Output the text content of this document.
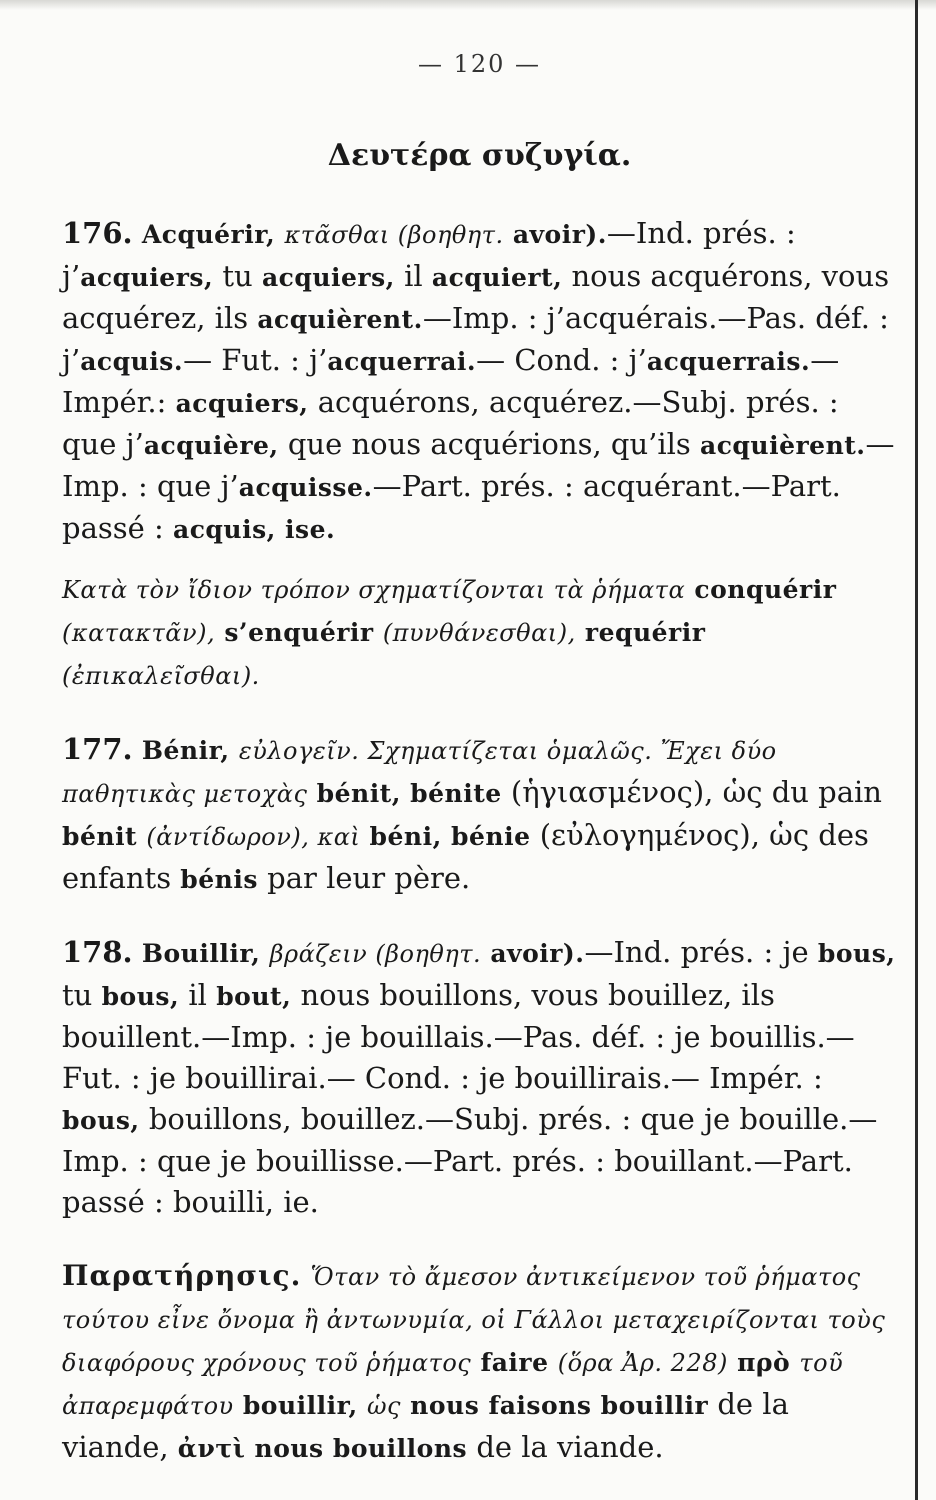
— 120 —
Δευτέρα συζυγία.

176. Acquérir, κτᾶσθαι (βοηθητ. avoir).—Ind. prés. : j’acquiers, tu acquiers, il acquiert, nous acquérons, vous acquérez, ils acquièrent.—Imp. : j’acquérais.—Pas. déf. : j’acquis.— Fut. : j’acquerrai.— Cond. : j’acquerrais.—Impér.: acquiers, acquérons, acquérez.—Subj. prés. : que j’acquière, que nous acquérions, qu’ils acquièrent.—Imp. : que j’acquisse.—Part. prés. : acquérant.—Part. passé : acquis, ise.

Κατὰ τὸν ἴδιον τρόπον σχηματίζονται τὰ ῥήματα conquérir (κατακτᾶν), s’enquérir (πυνθάνεσθαι), requérir (ἐπικαλεῖσθαι).

177. Bénir, εὐλογεῖν. Σχηματίζεται ὁμαλῶς. Ἔχει δύο παθητικὰς μετοχὰς bénit, bénite (ἡγιασμένος), ὡς du pain bénit (ἀντίδωρον), καὶ béni, bénie (εὐλογημένος), ὡς des enfants bénis par leur père.

178. Bouillir, βράζειν (βοηθητ. avoir).—Ind. prés. : je bous, tu bous, il bout, nous bouillons, vous bouillez, ils bouillent.—Imp. : je bouillais.—Pas. déf. : je bouillis.—Fut. : je bouillirai.— Cond. : je bouillirais.— Impér. : bous, bouillons, bouillez.—Subj. prés. : que je bouille.—Imp. : que je bouillisse.—Part. prés. : bouillant.—Part. passé : bouilli, ie.

Παρατήρησις. Ὅταν τὸ ἄμεσον ἀντικείμενον τοῦ ῥήματος τούτου εἶνε ὄνομα ἢ ἀντωνυμία, οἱ Γάλλοι μεταχειρίζονται τοὺς διαφόρους χρόνους τοῦ ῥήματος faire (ὅρα Ἀρ. 228) πρὸ τοῦ ἀπαρεμφάτου bouillir, ὡς nous faisons bouillir de la viande, ἀντὶ nous bouillons de la viande.
